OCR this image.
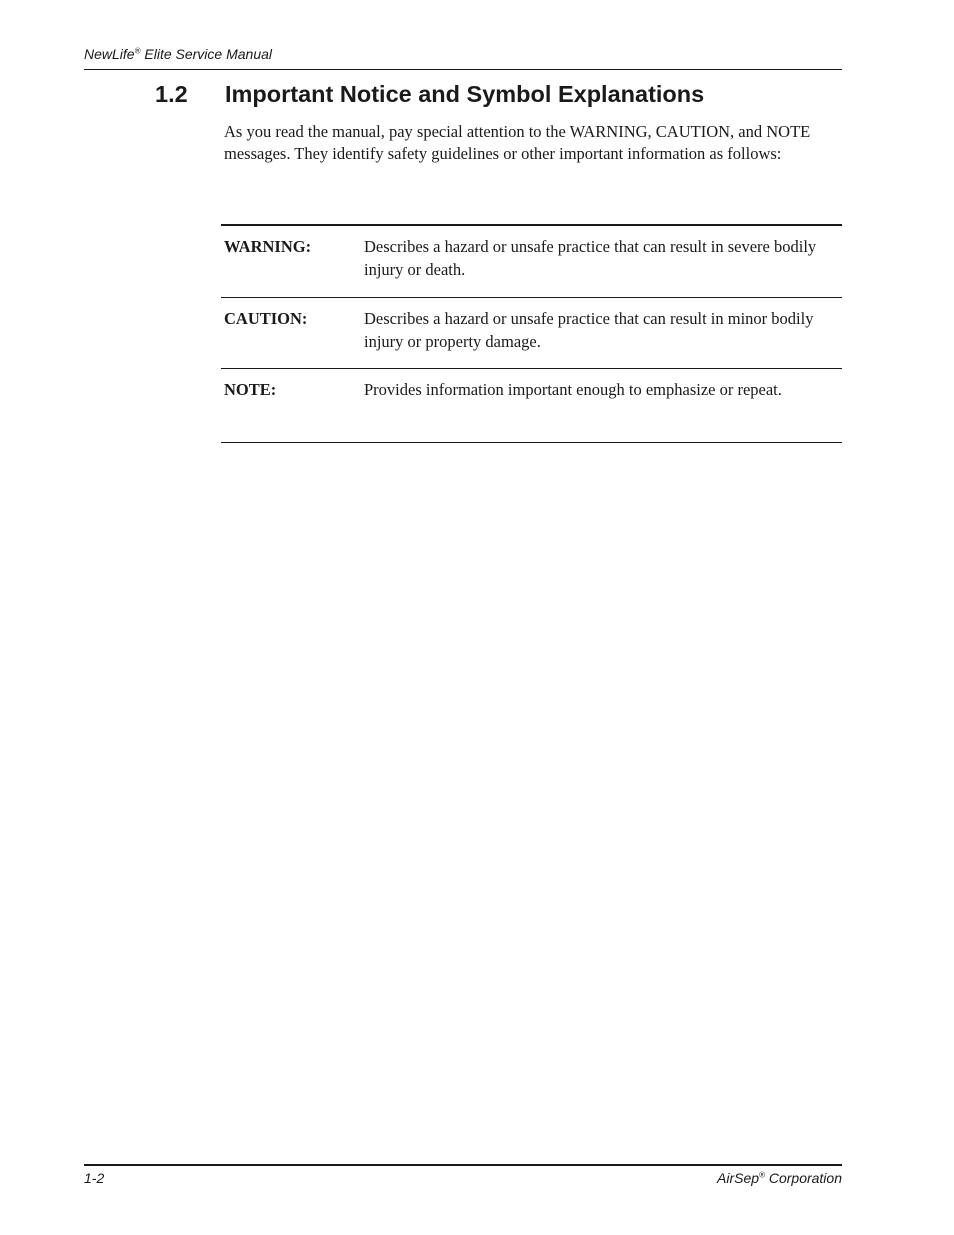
NewLife® Elite Service Manual
1.2 Important Notice and Symbol Explanations

As you read the manual, pay special attention to the WARNING, CAUTION, and NOTE messages. They identify safety guidelines or other important information as follows:

WARNING:	Describes a hazard or unsafe practice that can result in severe bodily injury or death.
CAUTION:	Describes a hazard or unsafe practice that can result in minor bodily injury or property damage.
NOTE:	Provides information important enough to emphasize or repeat.
1-2	AirSep® Corporation
